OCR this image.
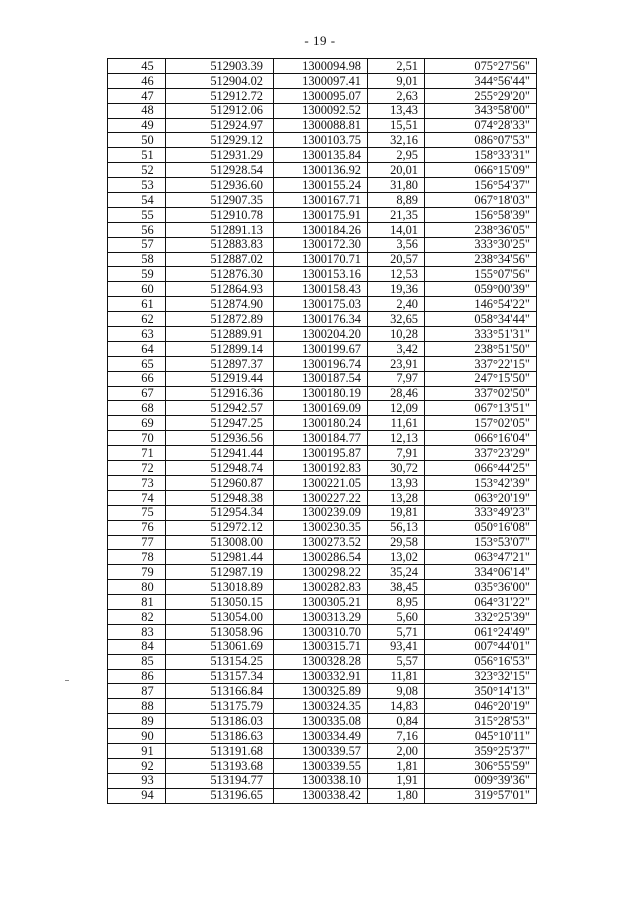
- 19 -
45	512903.39	1300094.98	2,51	075°27'56"
46	512904.02	1300097.41	9,01	344°56'44"
47	512912.72	1300095.07	2,63	255°29'20"
48	512912.06	1300092.52	13,43	343°58'00"
49	512924.97	1300088.81	15,51	074°28'33"
50	512929.12	1300103.75	32,16	086°07'53"
51	512931.29	1300135.84	2,95	158°33'31"
52	512928.54	1300136.92	20,01	066°15'09"
53	512936.60	1300155.24	31,80	156°54'37"
54	512907.35	1300167.71	8,89	067°18'03"
55	512910.78	1300175.91	21,35	156°58'39"
56	512891.13	1300184.26	14,01	238°36'05"
57	512883.83	1300172.30	3,56	333°30'25"
58	512887.02	1300170.71	20,57	238°34'56"
59	512876.30	1300153.16	12,53	155°07'56"
60	512864.93	1300158.43	19,36	059°00'39"
61	512874.90	1300175.03	2,40	146°54'22"
62	512872.89	1300176.34	32,65	058°34'44"
63	512889.91	1300204.20	10,28	333°51'31"
64	512899.14	1300199.67	3,42	238°51'50"
65	512897.37	1300196.74	23,91	337°22'15"
66	512919.44	1300187.54	7,97	247°15'50"
67	512916.36	1300180.19	28,46	337°02'50"
68	512942.57	1300169.09	12,09	067°13'51"
69	512947.25	1300180.24	11,61	157°02'05"
70	512936.56	1300184.77	12,13	066°16'04"
71	512941.44	1300195.87	7,91	337°23'29"
72	512948.74	1300192.83	30,72	066°44'25"
73	512960.87	1300221.05	13,93	153°42'39"
74	512948.38	1300227.22	13,28	063°20'19"
75	512954.34	1300239.09	19,81	333°49'23"
76	512972.12	1300230.35	56,13	050°16'08"
77	513008.00	1300273.52	29,58	153°53'07"
78	512981.44	1300286.54	13,02	063°47'21"
79	512987.19	1300298.22	35,24	334°06'14"
80	513018.89	1300282.83	38,45	035°36'00"
81	513050.15	1300305.21	8,95	064°31'22"
82	513054.00	1300313.29	5,60	332°25'39"
83	513058.96	1300310.70	5,71	061°24'49"
84	513061.69	1300315.71	93,41	007°44'01"
85	513154.25	1300328.28	5,57	056°16'53"
86	513157.34	1300332.91	11,81	323°32'15"
87	513166.84	1300325.89	9,08	350°14'13"
88	513175.79	1300324.35	14,83	046°20'19"
89	513186.03	1300335.08	0,84	315°28'53"
90	513186.63	1300334.49	7,16	045°10'11"
91	513191.68	1300339.57	2,00	359°25'37"
92	513193.68	1300339.55	1,81	306°55'59"
93	513194.77	1300338.10	1,91	009°39'36"
94	513196.65	1300338.42	1,80	319°57'01"
